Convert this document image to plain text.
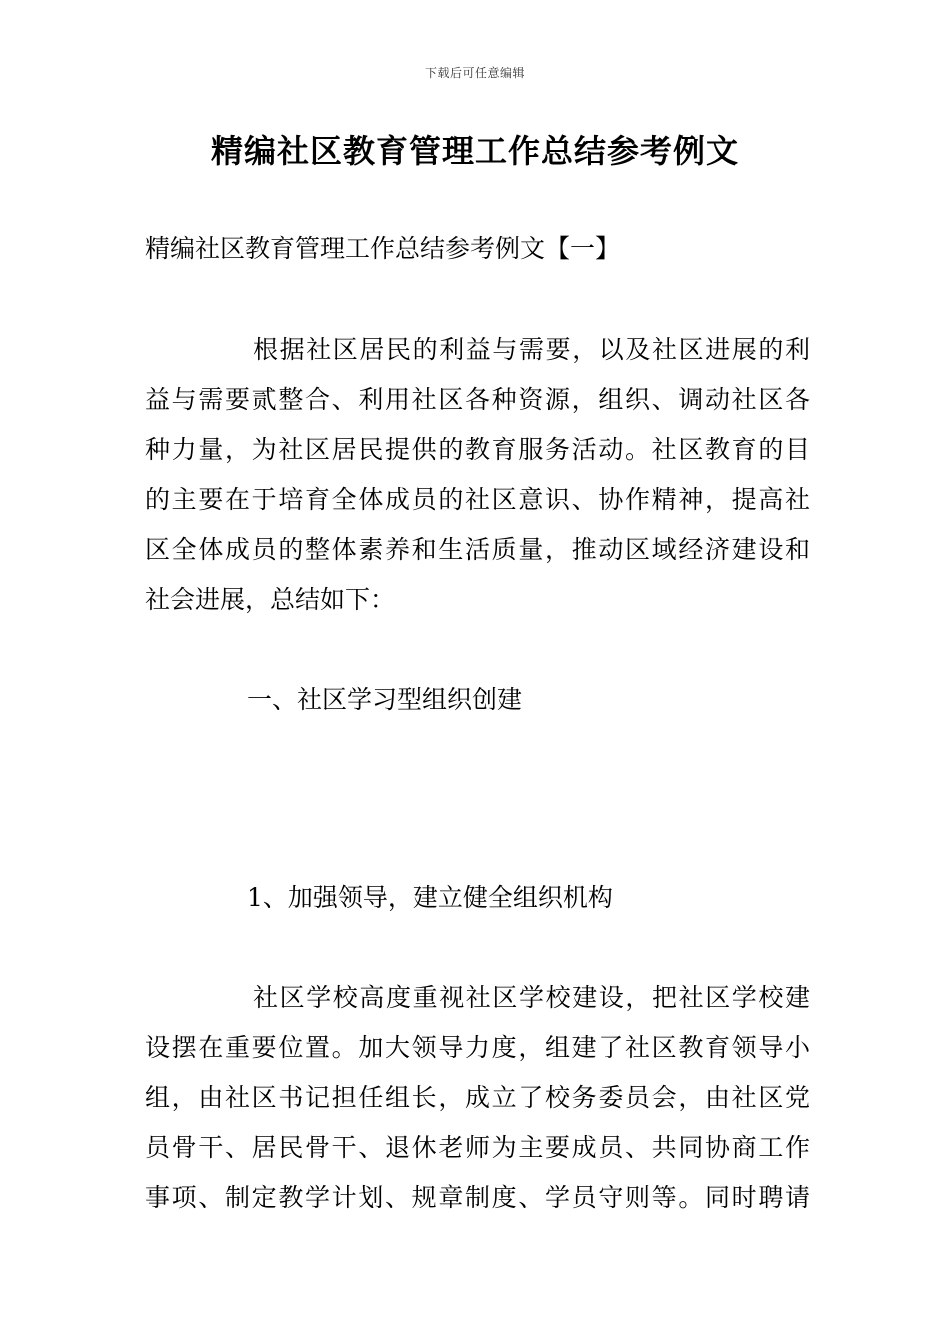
下载后可任意编辑
精编社区教育管理工作总结参考例文
精编社区教育管理工作总结参考例文【一】
根据社区居民的利益与需要，以及社区进展的利
益与需要贰整合、利用社区各种资源，组织、调动社区各
种力量，为社区居民提供的教育服务活动。社区教育的目
的主要在于培育全体成员的社区意识、协作精神，提高社
区全体成员的整体素养和生活质量，推动区域经济建设和
社会进展，总结如下：
一、社区学习型组织创建
1、加强领导，建立健全组织机构
社区学校高度重视社区学校建设，把社区学校建
设摆在重要位置。加大领导力度，组建了社区教育领导小
组，由社区书记担任组长，成立了校务委员会，由社区党
员骨干、居民骨干、退休老师为主要成员、共同协商工作
事项、制定教学计划、规章制度、学员守则等。同时聘请
